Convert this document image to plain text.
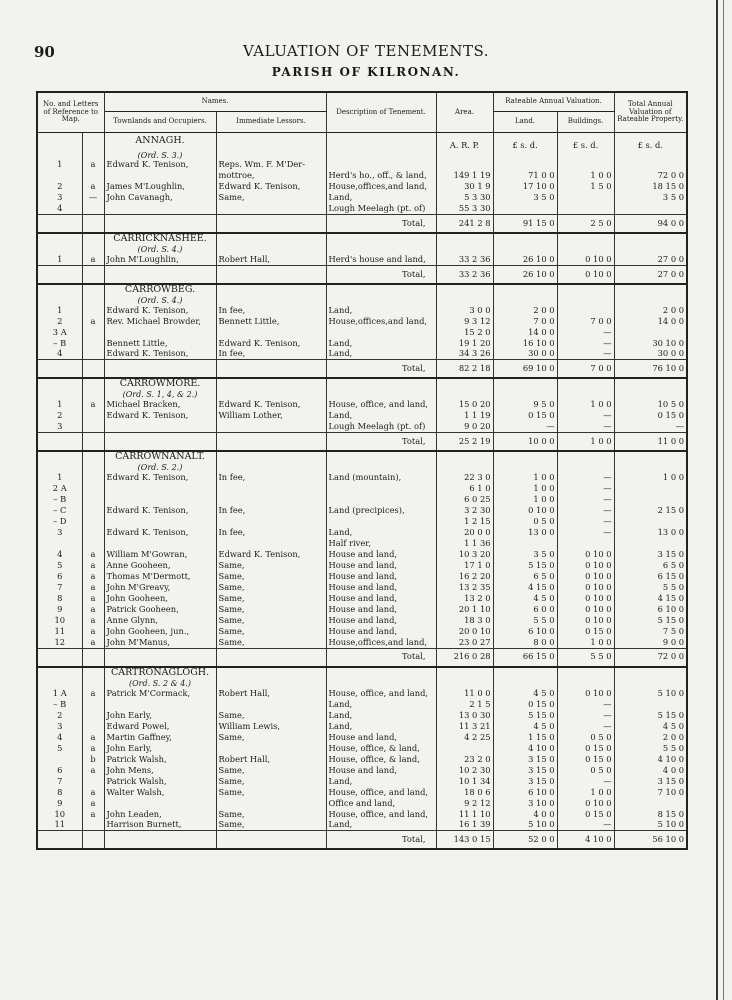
90	VALUATION OF TENEMENTS.
PARISH OF KILRONAN.
No. and Letters of Reference to Map.		Names.		Description of Tenement.	Area.	Rateable Annual Valuation.		Total Annual Valuation of Rateable Property.
		Townlands and Occupiers.	Immediate Lessors.			Land.	Buildings.	
		ANNAGH.			A. R. P.	£ s. d.	£ s. d.	£ s. d.
		(Ord. S. 3.)						
1	a	Edward K. Tenison,	Reps. Wm. F. M'Der-					
			mottroe,	Herd's ho., off., & land,	149 1 19	71 0 0	1 0 0	72 0 0
2	a	James M'Loughlin,	Edward K. Tenison,	House,offices,and land,	30 1 9	17 10 0	1 5 0	18 15 0
3	—	John Cavanagh,	Same,	Land,	5 3 30	3 5 0		3 5 0
4				Lough Meelagh (pt. of)	55 3 30			
				Total,	241 2 8	91 15 0	2 5 0	94 0 0
		CARRICKNASHEE.						
		(Ord. S. 4.)						
1	a	John M'Loughlin,	Robert Hall,	Herd's house and land,	33 2 36	26 10 0	0 10 0	27 0 0
				Total,	33 2 36	26 10 0	0 10 0	27 0 0
		CARROWBEG.						
		(Ord. S. 4.)						
1		Edward K. Tenison,	In fee,	Land,	3 0 0	2 0 0		2 0 0
2	a	Rev. Michael Browder,	Bennett Little,	House,offices,and land,	9 3 12	7 0 0	7 0 0	14 0 0
3 A					15 2 0	14 0 0	—	
– B		Bennett Little,	Edward K. Tenison,	Land,	19 1 20	16 10 0	—	30 10 0
4		Edward K. Tenison,	In fee,	Land,	34 3 26	30 0 0	—	30 0 0
				Total,	82 2 18	69 10 0	7 0 0	76 10 0
		CARROWMORE.						
		(Ord. S. 1, 4, & 2.)						
1	a	Michael Bracken,	Edward K. Tenison,	House, office, and land,	15 0 20	9 5 0	1 0 0	10 5 0
2		Edward K. Tenison,	William Lother,	Land,	1 1 19	0 15 0	—	0 15 0
3				Lough Meelagh (pt. of)	9 0 20	—	—	—
				Total,	25 2 19	10 0 0	1 0 0	11 0 0
		CARROWNANALT.						
		(Ord. S. 2.)						
1		Edward K. Tenison,	In fee,	Land (mountain),	22 3 0	1 0 0	—	1 0 0
2 A					6 1 0	1 0 0	—	
– B					6 0 25	1 0 0	—	
– C		Edward K. Tenison,	In fee,	Land (precipices),	3 2 30	0 10 0	—	2 15 0
– D					1 2 15	0 5 0	—	
3		Edward K. Tenison,	In fee,	Land,	20 0 0	13 0 0	—	13 0 0
				Half river,	1 1 36			
4	a	William M'Gowran,	Edward K. Tenison,	House and land,	10 3 20	3 5 0	0 10 0	3 15 0
5	a	Anne Gooheen,	Same,	House and land,	17 1 0	5 15 0	0 10 0	6 5 0
6	a	Thomas M'Dermott,	Same,	House and land,	16 2 20	6 5 0	0 10 0	6 15 0
7	a	John M'Greavy,	Same,	House and land,	13 2 35	4 15 0	0 10 0	5 5 0
8	a	John Gooheen,	Same,	House and land,	13 2 0	4 5 0	0 10 0	4 15 0
9	a	Patrick Gooheen,	Same,	House and land,	20 1 10	6 0 0	0 10 0	6 10 0
10	a	Anne Glynn,	Same,	House and land,	18 3 0	5 5 0	0 10 0	5 15 0
11	a	John Gooheen, jun.,	Same,	House and land,	20 0 10	6 10 0	0 15 0	7 5 0
12	a	John M'Manus,	Same,	House,offices,and land,	23 0 27	8 0 0	1 0 0	9 0 0
				Total,	216 0 28	66 15 0	5 5 0	72 0 0
		CARTRONAGLOGH.						
		(Ord. S. 2 & 4.)						
1 A	a	Patrick M'Cormack,	Robert Hall,	House, office, and land,	11 0 0	4 5 0	0 10 0	5 10 0
– B				Land,	2 1 5	0 15 0	—	
2		John Early,	Same,	Land,	13 0 30	5 15 0	—	5 15 0
3		Edward Powel,	William Lewis,	Land,	11 3 21	4 5 0	—	4 5 0
4	a	Martin Gaffney,	Same,	House and land,	4 2 25	1 15 0	0 5 0	2 0 0
5	a	John Early,		House, office, & land,		4 10 0	0 15 0	5 5 0
	b	Patrick Walsh,	Robert Hall,	House, office, & land,	23 2 0	3 15 0	0 15 0	4 10 0
6	a	John Mens,	Same,	House and land,	10 2 30	3 15 0	0 5 0	4 0 0
7		Patrick Walsh,	Same,	Land,	10 1 34	3 15 0	—	3 15 0
8	a	Walter Walsh,	Same,	House, office, and land,	18 0 6	6 10 0	1 0 0	7 10 0
9	a			Office and land,	9 2 12	3 10 0	0 10 0	
10	a	John Leaden,	Same,	House, office, and land,	11 1 10	4 0 0	0 15 0	8 15 0
11		Harrison Burnett,	Same,	Land,	16 1 39	5 10 0	—	5 10 0
				Total,	143 0 15	52 0 0	4 10 0	56 10 0
